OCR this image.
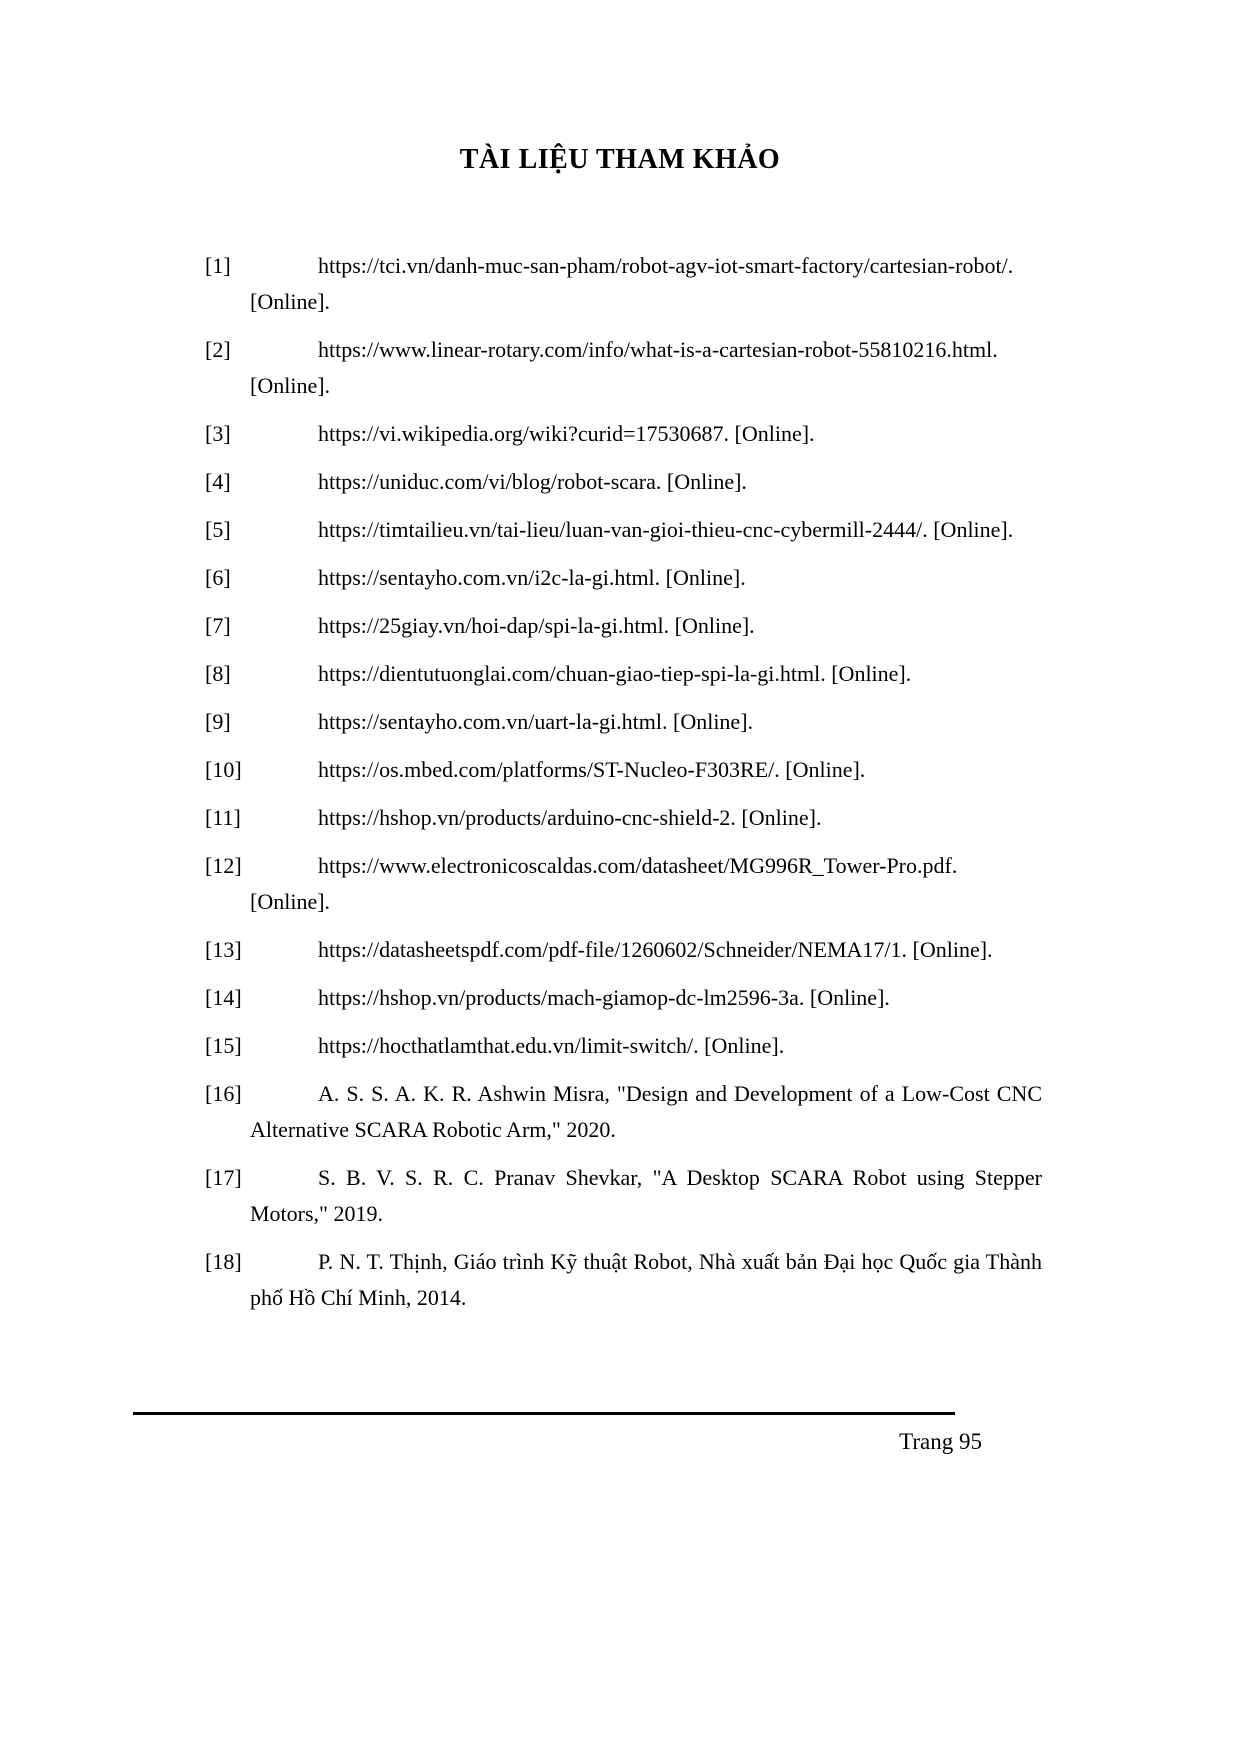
TÀI LIỆU THAM KHẢO
[1]	https://tci.vn/danh-muc-san-pham/robot-agv-iot-smart-factory/cartesian-robot/. [Online].
[2]	https://www.linear-rotary.com/info/what-is-a-cartesian-robot-55810216.html. [Online].
[3]	https://vi.wikipedia.org/wiki?curid=17530687. [Online].
[4]	https://uniduc.com/vi/blog/robot-scara. [Online].
[5]	https://timtailieu.vn/tai-lieu/luan-van-gioi-thieu-cnc-cybermill-2444/. [Online].
[6]	https://sentayho.com.vn/i2c-la-gi.html. [Online].
[7]	https://25giay.vn/hoi-dap/spi-la-gi.html. [Online].
[8]	https://dientutuonglai.com/chuan-giao-tiep-spi-la-gi.html. [Online].
[9]	https://sentayho.com.vn/uart-la-gi.html. [Online].
[10]	https://os.mbed.com/platforms/ST-Nucleo-F303RE/. [Online].
[11]	https://hshop.vn/products/arduino-cnc-shield-2. [Online].
[12]	https://www.electronicoscaldas.com/datasheet/MG996R_Tower-Pro.pdf. [Online].
[13]	https://datasheetspdf.com/pdf-file/1260602/Schneider/NEMA17/1. [Online].
[14]	https://hshop.vn/products/mach-giamop-dc-lm2596-3a. [Online].
[15]	https://hocthatlamthat.edu.vn/limit-switch/. [Online].
[16]	A. S. S. A. K. R. Ashwin Misra, "Design and Development of a Low-Cost CNC Alternative SCARA Robotic Arm," 2020.
[17]	S. B. V. S. R. C. Pranav Shevkar, "A Desktop SCARA Robot using Stepper Motors," 2019.
[18]	P. N. T. Thịnh, Giáo trình Kỹ thuật Robot, Nhà xuất bản Đại học Quốc gia Thành phố Hồ Chí Minh, 2014.
Trang 95
